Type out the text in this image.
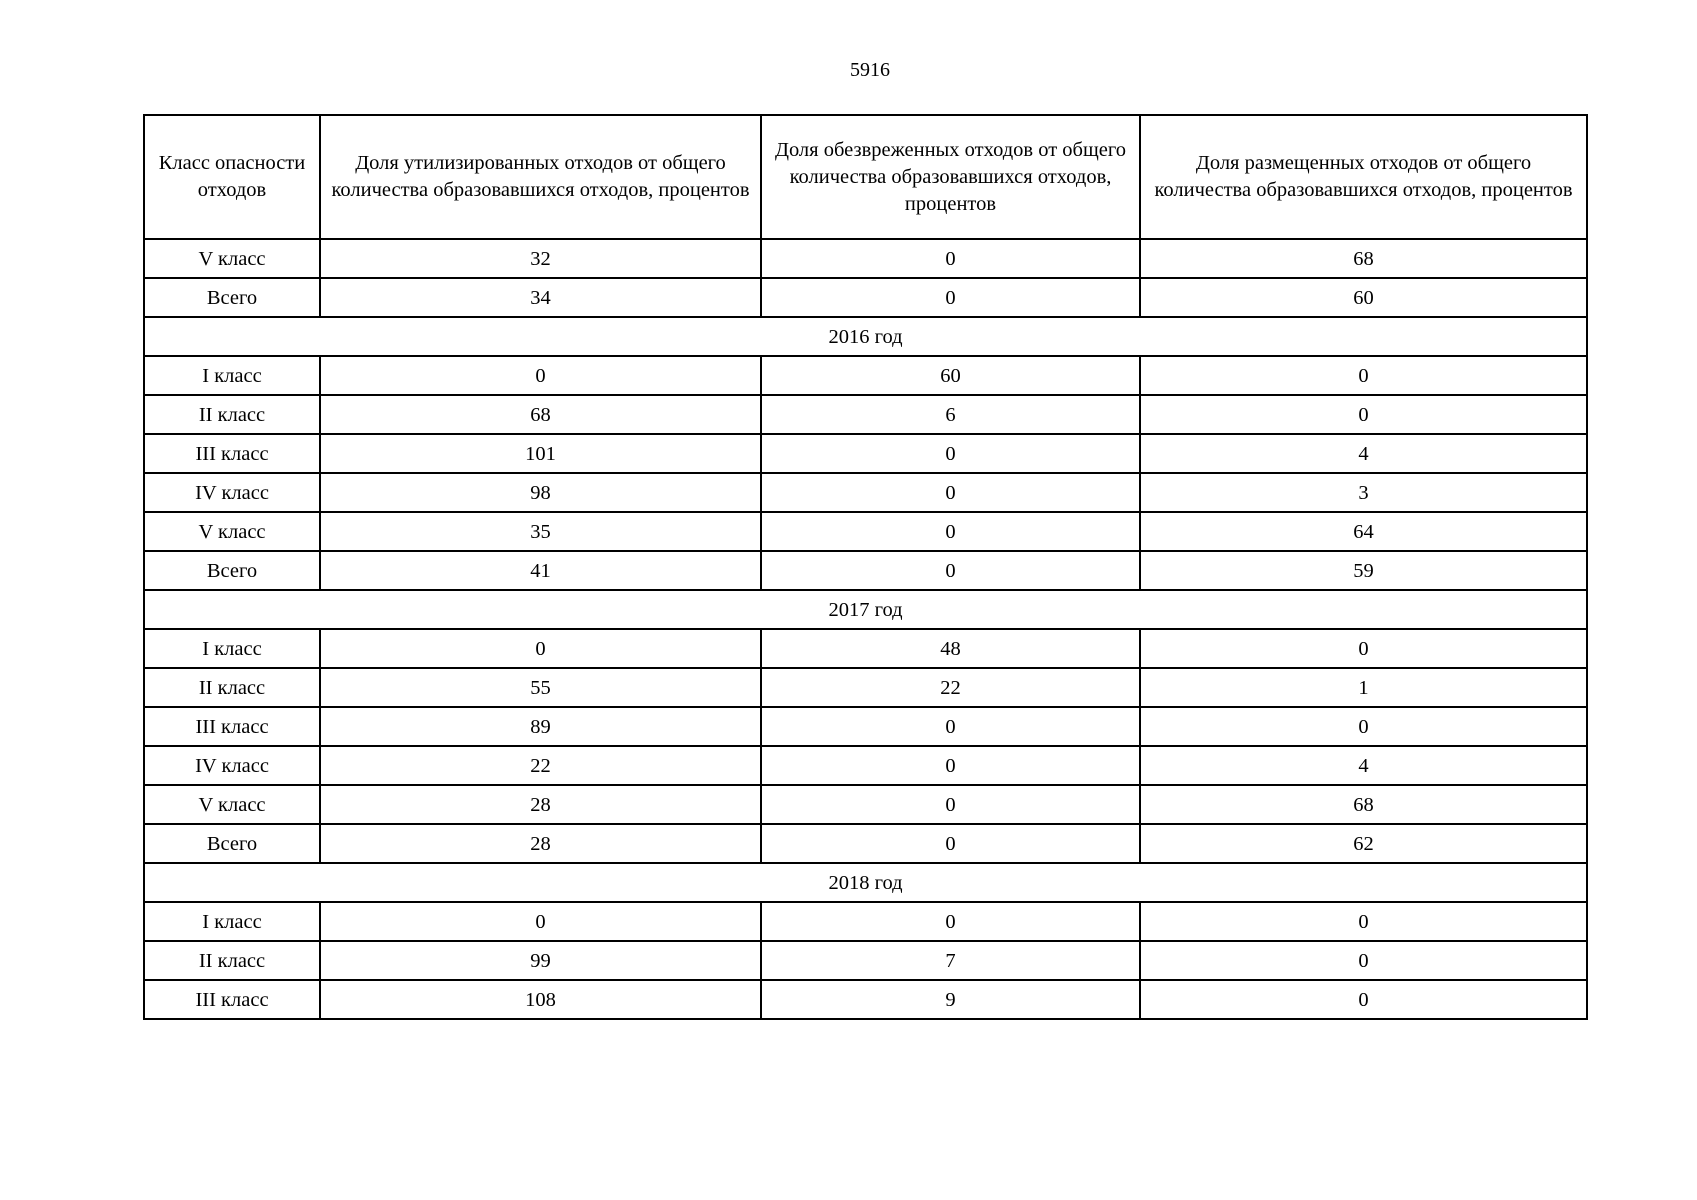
5916
Класс опасности отходов	Доля утилизированных отходов от общего количества образовавшихся отходов, процентов	Доля обезвреженных отходов от общего количества образовавшихся отходов, процентов	Доля размещенных отходов от общего количества образовавшихся отходов, процентов
V класс	32	0	68
Всего	34	0	60
2016 год			
I класс	0	60	0
II класс	68	6	0
III класс	101	0	4
IV класс	98	0	3
V класс	35	0	64
Всего	41	0	59
2017 год			
I класс	0	48	0
II класс	55	22	1
III класс	89	0	0
IV класс	22	0	4
V класс	28	0	68
Всего	28	0	62
2018 год			
I класс	0	0	0
II класс	99	7	0
III класс	108	9	0
